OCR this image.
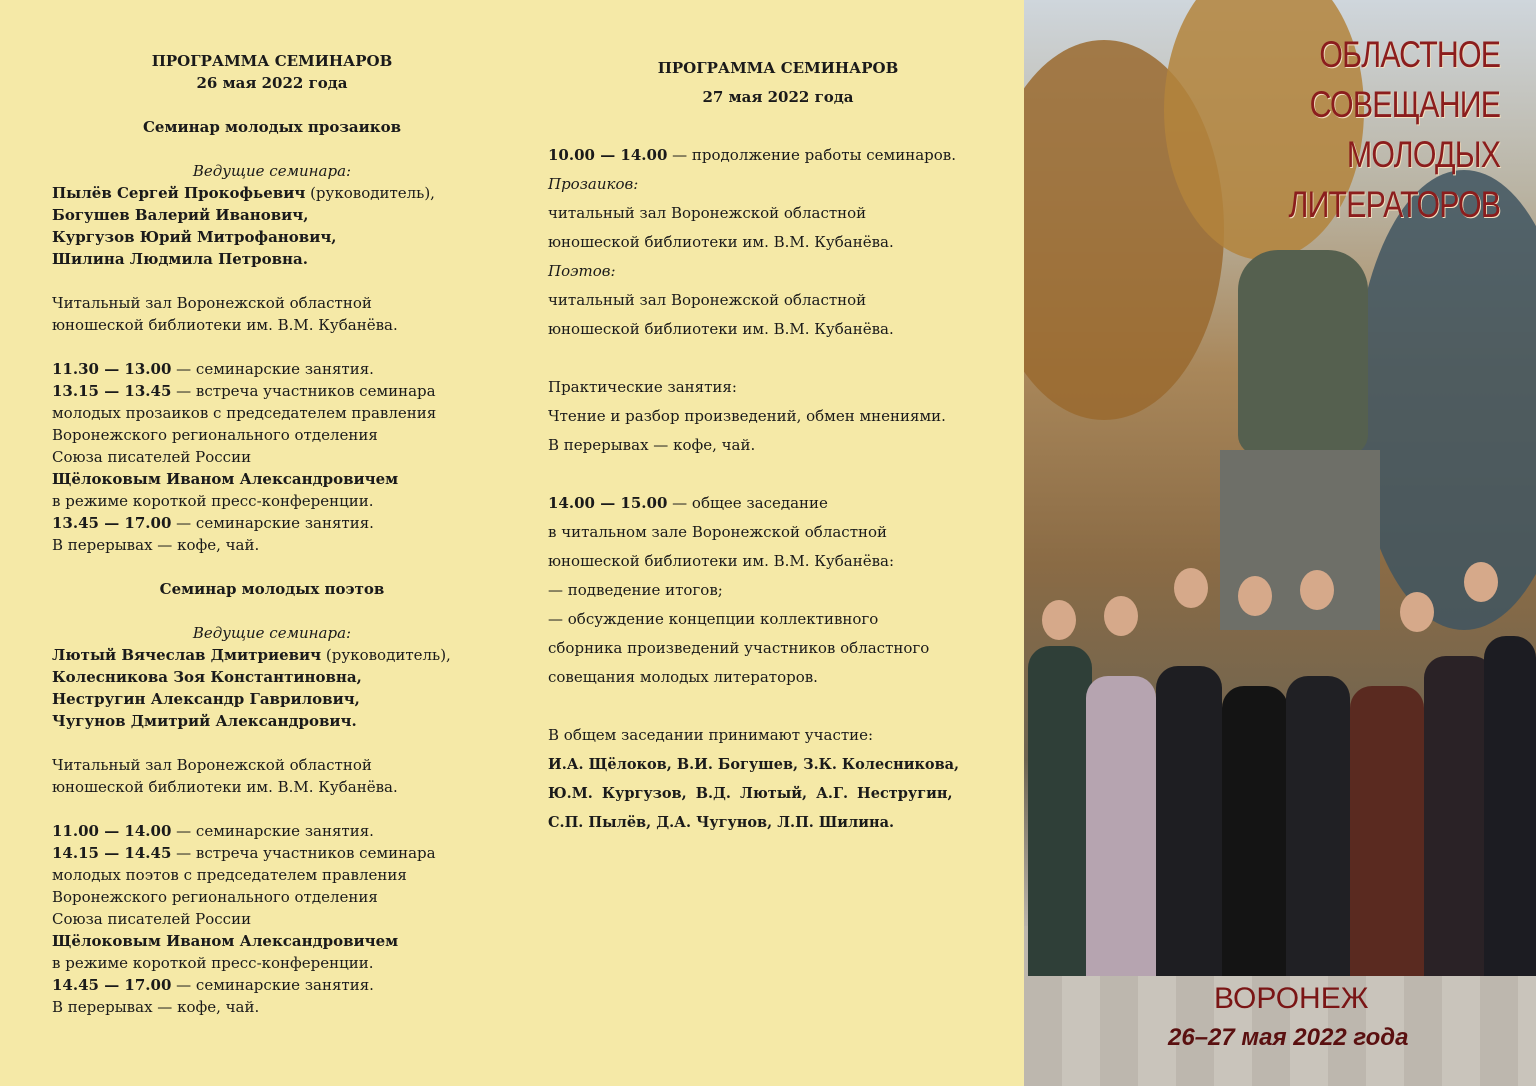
ПРОГРАММА СЕМИНАРОВ
26 мая 2022 года
Семинар молодых прозаиков
Ведущие семинара:
Пылёв Сергей Прокофьевич (руководитель),
Богушев Валерий Иванович,
Кургузов Юрий Митрофанович,
Шилина Людмила Петровна.
Читальный зал Воронежской областной
юношеской библиотеки им. В.М. Кубанёва.
11.30 — 13.00 — семинарские занятия.
13.15 — 13.45 — встреча участников семинара
молодых прозаиков с председателем правления
Воронежского регионального отделения
Союза писателей России
Щёлоковым Иваном Александровичем
в режиме короткой пресс-конференции.
13.45 — 17.00 — семинарские занятия.
В перерывах — кофе, чай.
Семинар молодых поэтов
Ведущие семинара:
Лютый Вячеслав Дмитриевич (руководитель),
Колесникова Зоя Константиновна,
Нестругин Александр Гаврилович,
Чугунов Дмитрий Александрович.
Читальный зал Воронежской областной
юношеской библиотеки им. В.М. Кубанёва.
11.00 — 14.00 — семинарские занятия.
14.15 — 14.45 — встреча участников семинара
молодых поэтов с председателем правления
Воронежского регионального отделения
Союза писателей России
Щёлоковым Иваном Александровичем
в режиме короткой пресс-конференции.
14.45 — 17.00 — семинарские занятия.
В перерывах — кофе, чай.
ПРОГРАММА СЕМИНАРОВ
27 мая 2022 года
10.00 — 14.00 — продолжение работы семинаров.
Прозаиков:
читальный зал Воронежской областной
юношеской библиотеки им. В.М. Кубанёва.
Поэтов:
читальный зал Воронежской областной
юношеской библиотеки им. В.М. Кубанёва.
Практические занятия:
Чтение и разбор произведений, обмен мнениями.
В перерывах — кофе, чай.
14.00 — 15.00 — общее заседание
в читальном зале Воронежской областной
юношеской библиотеки им. В.М. Кубанёва:
— подведение итогов;
— обсуждение концепции коллективного
сборника произведений участников областного
совещания молодых литераторов.
В общем заседании принимают участие:
И.А. Щёлоков, В.И. Богушев, З.К. Колесникова,
Ю.М. Кургузов, В.Д. Лютый, А.Г. Нестругин,
С.П. Пылёв, Д.А. Чугунов, Л.П. Шилина.
ОБЛАСТНОЕ
СОВЕЩАНИЕ
МОЛОДЫХ
ЛИТЕРАТОРОВ
ВОРОНЕЖ
26–27 мая 2022 года
